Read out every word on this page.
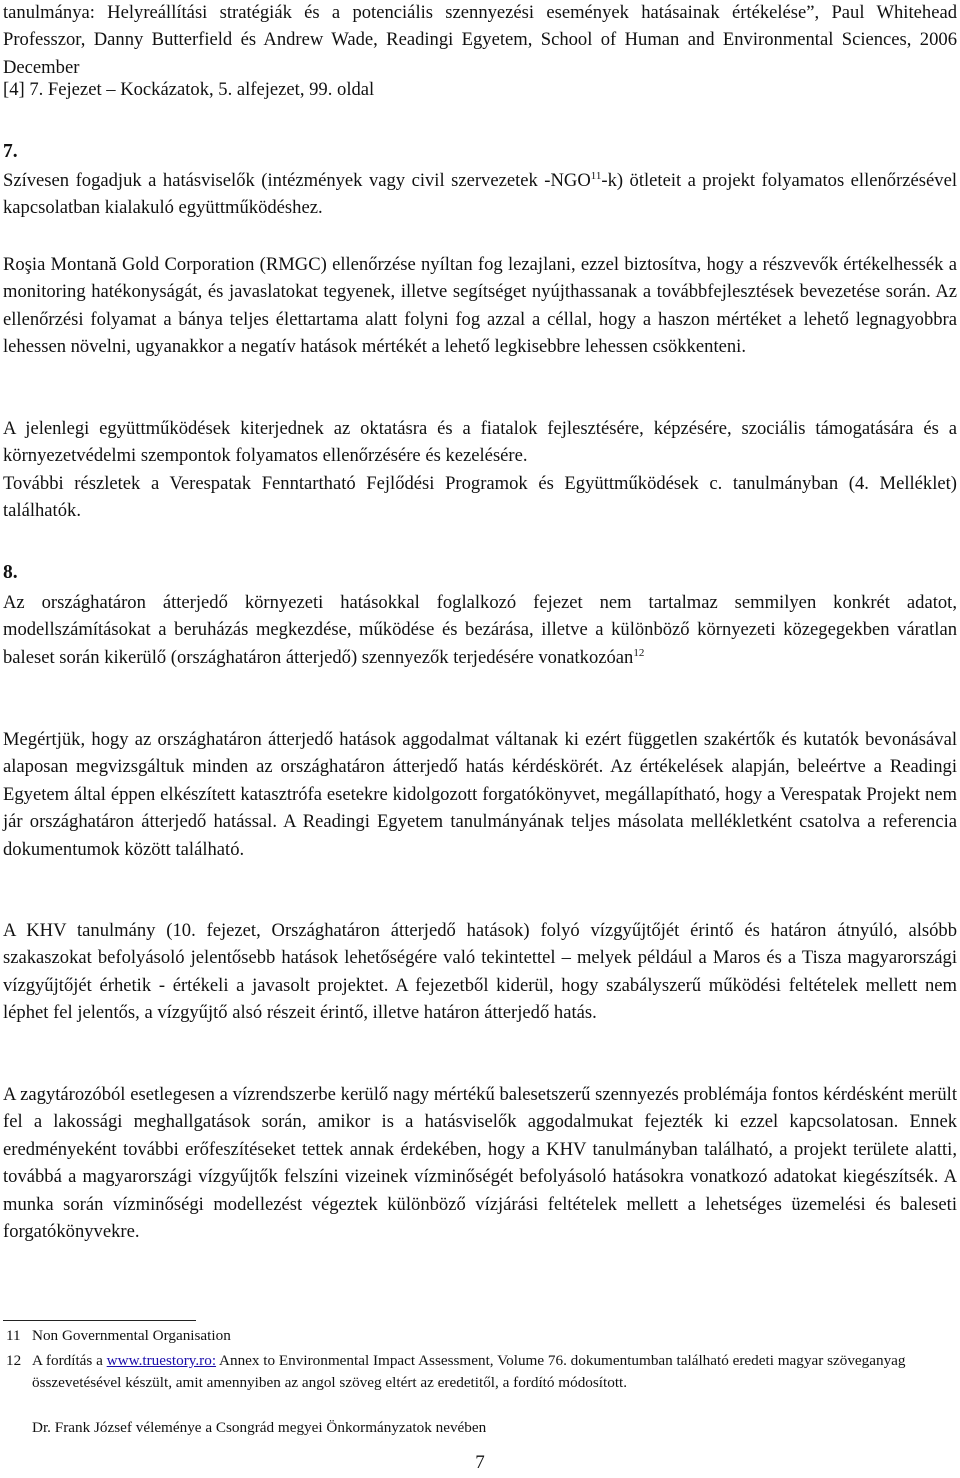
tanulmánya: Helyreállítási stratégiák és a potenciális szennyezési események hatásainak értékelése”, Paul Whitehead Professzor, Danny Butterfield és Andrew Wade, Readingi Egyetem, School of Human and Environmental Sciences, 2006 December

[4] 7. Fejezet – Kockázatok, 5. alfejezet, 99. oldal

7.

Szívesen fogadjuk a hatásviselők (intézmények vagy civil szervezetek -NGO$^{11}$-k) ötleteit a projekt folyamatos ellenőrzésével kapcsolatban kialakuló együttműködéshez.

Roşia Montană Gold Corporation (RMGC) ellenőrzése nyíltan fog lezajlani, ezzel biztosítva, hogy a részvevők értékelhessék a monitoring hatékonyságát, és javaslatokat tegyenek, illetve segítséget nyújthassanak a továbbfejlesztések bevezetése során. Az ellenőrzési folyamat a bánya teljes élettartama alatt folyni fog azzal a céllal, hogy a haszon mértéket a lehető legnagyobbra lehessen növelni, ugyanakkor a negatív hatások mértékét a lehető legkisebbre lehessen csökkenteni.

A jelenlegi együttműködések kiterjednek az oktatásra és a fiatalok fejlesztésére, képzésére, szociális támogatására és a környezetvédelmi szempontok folyamatos ellenőrzésére és kezelésére.
További részletek a Verespatak Fenntartható Fejlődési Programok és Együttműködések c. tanulmányban (4. Melléklet) találhatók.

8.

Az országhatáron átterjedő környezeti hatásokkal foglalkozó fejezet nem tartalmaz semmilyen konkrét adatot, modellszámításokat a beruházás megkezdése, működése és bezárása, illetve a különböző környezeti közegegekben váratlan baleset során kikerülő (országhatáron átterjedő) szennyezők terjedésére vonatkozóan$^{12}$

Megértjük, hogy az országhatáron átterjedő hatások aggodalmat váltanak ki ezért független szakértők és kutatók bevonásával alaposan megvizsgáltuk minden az országhatáron átterjedő hatás kérdéskörét. Az értékelések alapján, beleértve a Readingi Egyetem által éppen elkészített katasztrófa esetekre kidolgozott forgatókönyvet, megállapítható, hogy a Verespatak Projekt nem jár országhatáron átterjedő hatással. A Readingi Egyetem tanulmányának teljes másolata mellékletként csatolva a referencia dokumentumok között található.

A KHV tanulmány (10. fejezet, Országhatáron átterjedő hatások) folyó vízgyűjtőjét érintő és határon átnyúló, alsóbb szakaszokat befolyásoló jelentősebb hatások lehetőségére való tekintettel – melyek például a Maros és a Tisza magyarországi vízgyűjtőjét érhetik - értékeli a javasolt projektet. A fejezetből kiderül, hogy szabályszerű működési feltételek mellett nem léphet fel jelentős, a vízgyűjtő alsó részeit érintő, illetve határon átterjedő hatás.

A zagytározóból esetlegesen a vízrendszerbe kerülő nagy mértékű balesetszerű szennyezés problémája fontos kérdésként merült fel a lakossági meghallgatások során, amikor is a hatásviselők aggodalmukat fejezték ki ezzel kapcsolatosan. Ennek eredményeként további erőfeszítéseket tettek annak érdekében, hogy a KHV tanulmányban található, a projekt területe alatti, továbbá a magyarországi vízgyűjtők felszíni vizeinek vízminőségét befolyásoló hatásokra vonatkozó adatokat kiegészítsék. A munka során vízminőségi modellezést végeztek különböző vízjárási feltételek mellett a lehetséges üzemelési és baleseti forgatókönyvekre.

11 Non Governmental Organisation
12 A fordítás a www.truestory.ro: Annex to Environmental Impact Assessment, Volume 76. dokumentumban található eredeti magyar szöveganyag összevetésével készült, amit amennyiben az angol szöveg eltért az eredetitől, a fordító módosított.
Dr. Frank József véleménye a Csongrád megyei Önkormányzatok nevében
7
